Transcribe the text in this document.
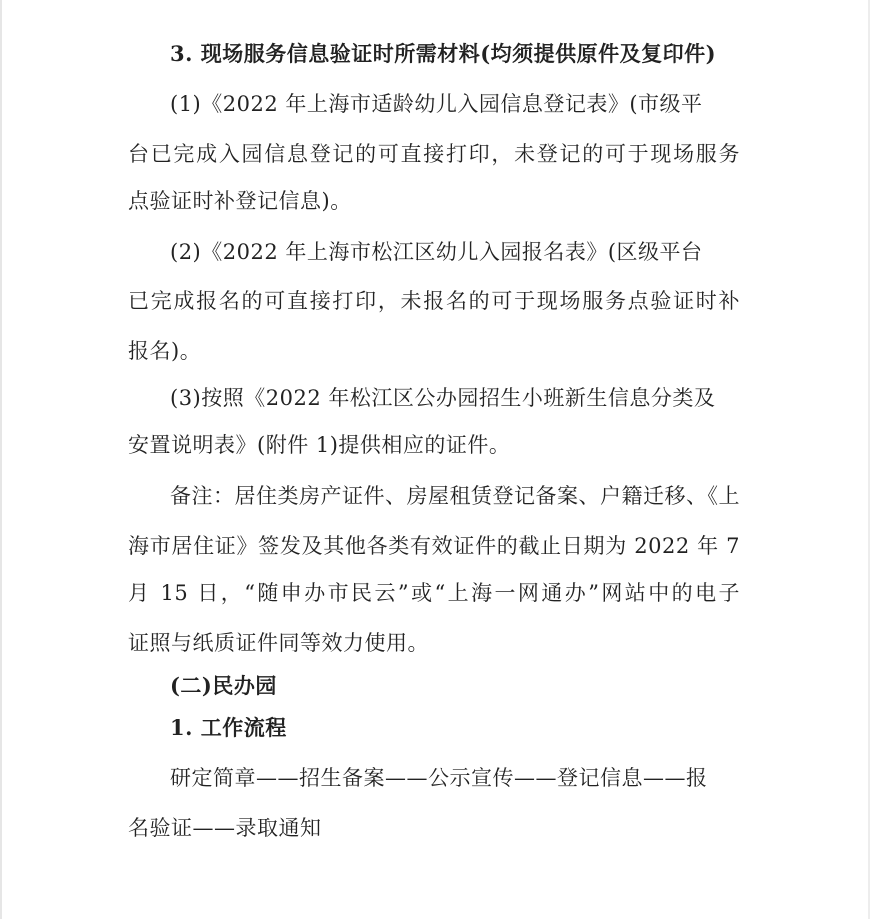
3. 现场服务信息验证时所需材料(均须提供原件及复印件)
(1)《2022 年上海市适龄幼儿入园信息登记表》(市级平
台已完成入园信息登记的可直接打印，未登记的可于现场服务
点验证时补登记信息)。
(2)《2022 年上海市松江区幼儿入园报名表》(区级平台
已完成报名的可直接打印，未报名的可于现场服务点验证时补
报名)。
(3)按照《2022 年松江区公办园招生小班新生信息分类及
安置说明表》(附件 1)提供相应的证件。
备注：居住类房产证件、房屋租赁登记备案、户籍迁移、《上
海市居住证》签发及其他各类有效证件的截止日期为 2022 年 7
月 15 日，“随申办市民云”或“上海一网通办”网站中的电子
证照与纸质证件同等效力使用。
(二)民办园
1. 工作流程
研定简章——招生备案——公示宣传——登记信息——报
名验证——录取通知
